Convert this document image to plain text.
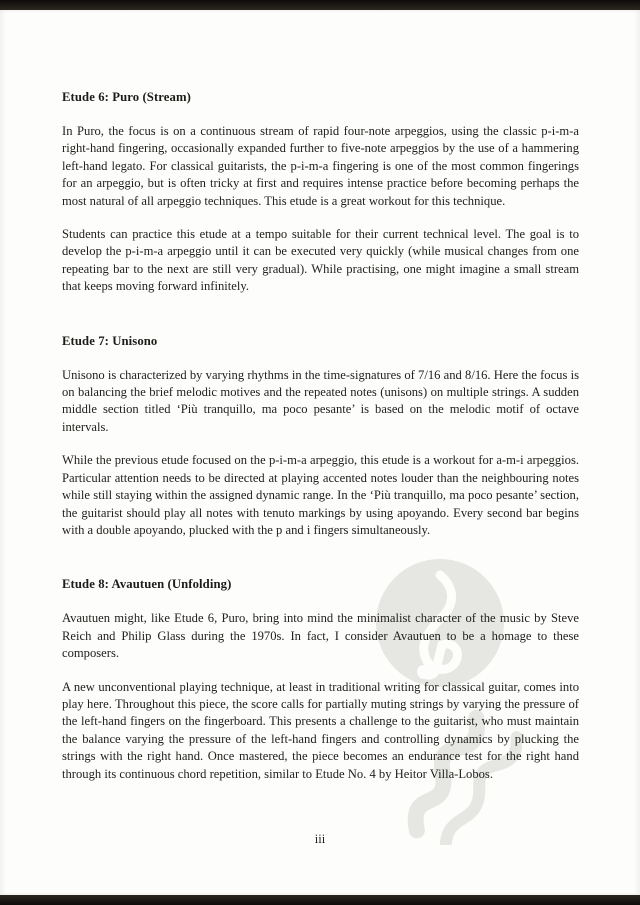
Etude 6: Puro (Stream)

In Puro, the focus is on a continuous stream of rapid four-note arpeggios, using the classic p-i-m-a right-hand fingering, occasionally expanded further to five-note arpeggios by the use of a hammering left-hand legato. For classical guitarists, the p-i-m-a fingering is one of the most common fingerings for an arpeggio, but is often tricky at first and requires intense practice before becoming perhaps the most natural of all arpeggio techniques. This etude is a great workout for this technique.

Students can practice this etude at a tempo suitable for their current technical level. The goal is to develop the p-i-m-a arpeggio until it can be executed very quickly (while musical changes from one repeating bar to the next are still very gradual). While practising, one might imagine a small stream that keeps moving forward infinitely.

Etude 7: Unisono

Unisono is characterized by varying rhythms in the time-signatures of 7/16 and 8/16. Here the focus is on balancing the brief melodic motives and the repeated notes (unisons) on multiple strings. A sudden middle section titled ‘Più tranquillo, ma poco pesante’ is based on the melodic motif of octave intervals.

While the previous etude focused on the p-i-m-a arpeggio, this etude is a workout for a-m-i arpeggios. Particular attention needs to be directed at playing accented notes louder than the neighbouring notes while still staying within the assigned dynamic range. In the ‘Più tranquillo, ma poco pesante’ section, the guitarist should play all notes with tenuto markings by using apoyando. Every second bar begins with a double apoyando, plucked with the p and i fingers simultaneously.

Etude 8: Avautuen (Unfolding)

Avautuen might, like Etude 6, Puro, bring into mind the minimalist character of the music by Steve Reich and Philip Glass during the 1970s. In fact, I consider Avautuen to be a homage to these composers.

A new unconventional playing technique, at least in traditional writing for classical guitar, comes into play here. Throughout this piece, the score calls for partially muting strings by varying the pressure of the left-hand fingers on the fingerboard. This presents a challenge to the guitarist, who must maintain the balance varying the pressure of the left-hand fingers and controlling dynamics by plucking the strings with the right hand. Once mastered, the piece becomes an endurance test for the right hand through its continuous chord repetition, similar to Etude No. 4 by Heitor Villa-Lobos.

iii
